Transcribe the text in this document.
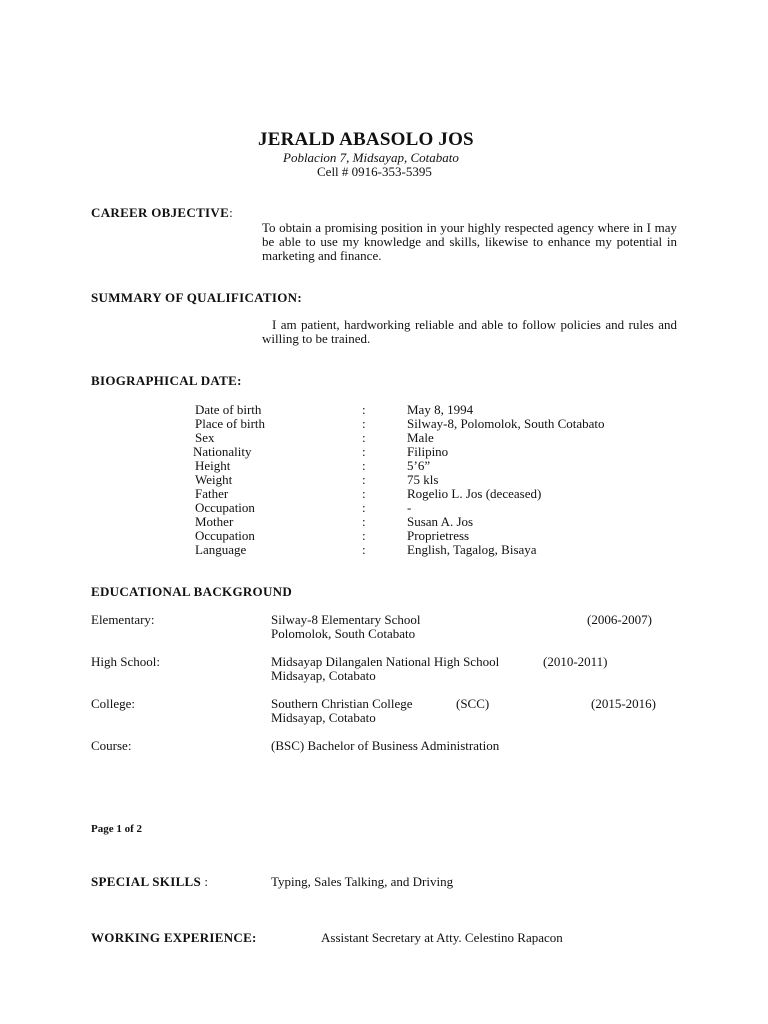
JERALD ABASOLO JOS
Poblacion 7, Midsayap, Cotabato
Cell # 0916-353-5395
CAREER OBJECTIVE:
To obtain a promising position in your highly respected agency where in I may be able to use my knowledge and skills, likewise to enhance my potential in marketing and finance.
SUMMARY OF QUALIFICATION:
I am patient, hardworking reliable and able to follow policies and rules and willing to be trained.
BIOGRAPHICAL DATE:
Date of birth	:	May 8, 1994
Place of birth	:	Silway-8, Polomolok, South Cotabato
Sex	:	Male
Nationality	:	Filipino
Height	:	5’6”
Weight	:	75 kls
Father	:	Rogelio L. Jos (deceased)
Occupation	:	-
Mother	:	Susan A. Jos
Occupation	:	Proprietress
Language	:	English, Tagalog, Bisaya
EDUCATIONAL BACKGROUND
Elementary:	Silway-8 Elementary School	(2006-2007)
Polomolok, South Cotabato
High School:	Midsayap Dilangalen National High School	(2010-2011)
Midsayap, Cotabato
College:	Southern Christian College	(SCC)	(2015-2016)
Midsayap, Cotabato
Course:	(BSC) Bachelor of Business Administration
Page 1 of 2
SPECIAL SKILLS :	Typing, Sales Talking, and Driving
WORKING EXPERIENCE:	Assistant Secretary at Atty. Celestino Rapacon
